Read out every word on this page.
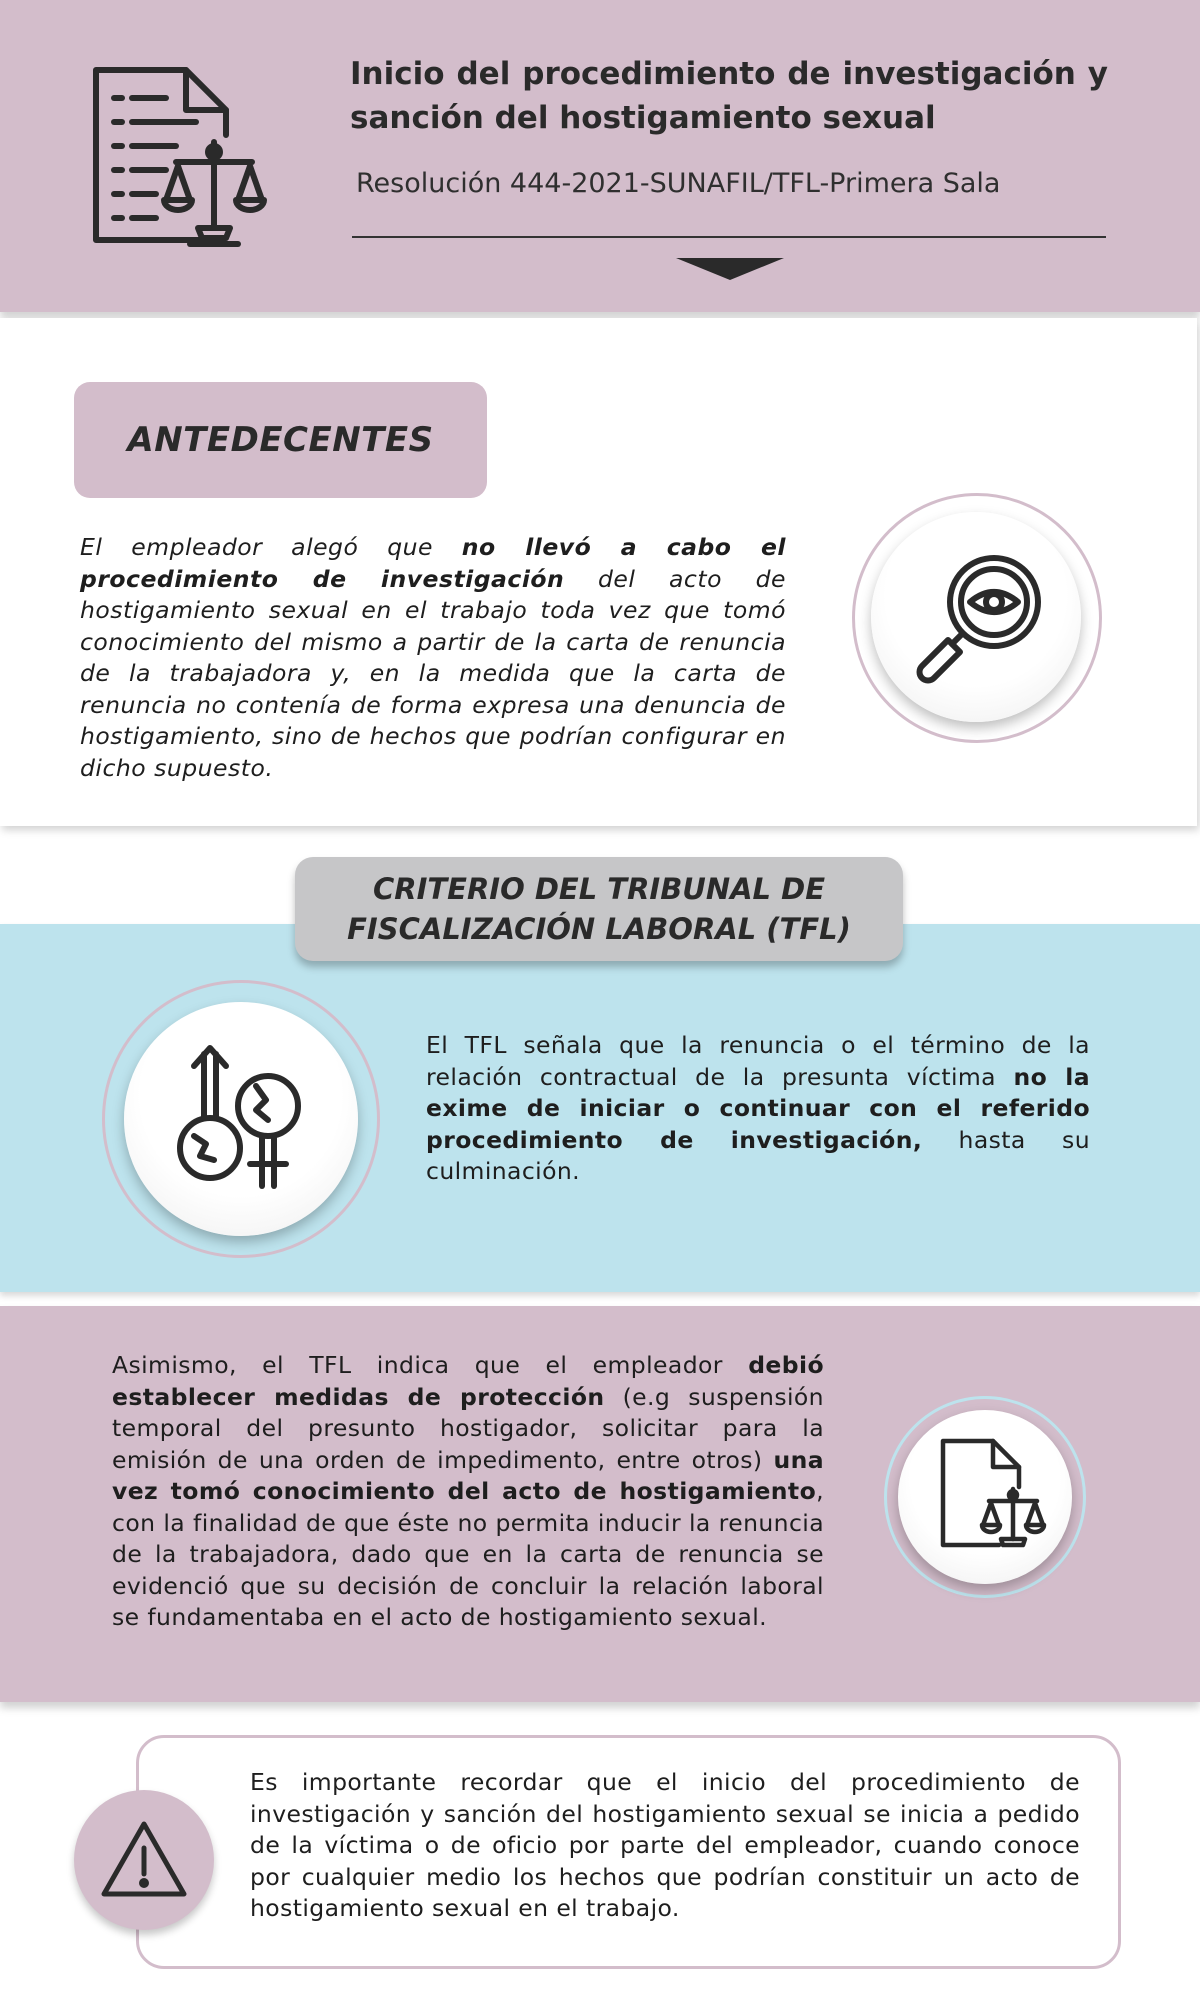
Inicio del procedimiento de investigación y
sanción del hostigamiento sexual
Resolución 444-2021-SUNAFIL/TFL-Primera Sala
ANTEDECENTES
El empleador alegó que no llevó a cabo el procedimiento de investigación del acto de hostigamiento sexual en el trabajo toda vez que tomó conocimiento del mismo a partir de la carta de renuncia de la trabajadora y, en la medida que la carta de renuncia no contenía de forma expresa una denuncia de hostigamiento, sino de hechos que podrían configurar en dicho supuesto.
CRITERIO DEL TRIBUNAL DE
FISCALIZACIÓN LABORAL (TFL)
El TFL señala que la renuncia o el término de la relación contractual de la presunta víctima no la exime de iniciar o continuar con el referido procedimiento de investigación, hasta su culminación.
Asimismo, el TFL indica que el empleador debió establecer medidas de protección (e.g suspensión temporal del presunto hostigador, solicitar para la emisión de una orden de impedimento, entre otros) una vez tomó conocimiento del acto de hostigamiento, con la finalidad de que éste no permita inducir la renuncia de la trabajadora, dado que en la carta de renuncia se evidenció que su decisión de concluir la relación laboral se fundamentaba en el acto de hostigamiento sexual.
Es importante recordar que el inicio del procedimiento de investigación y sanción del hostigamiento sexual se inicia a pedido de la víctima o de oficio por parte del empleador, cuando conoce por cualquier medio los hechos que podrían constituir un acto de hostigamiento sexual en el trabajo.
